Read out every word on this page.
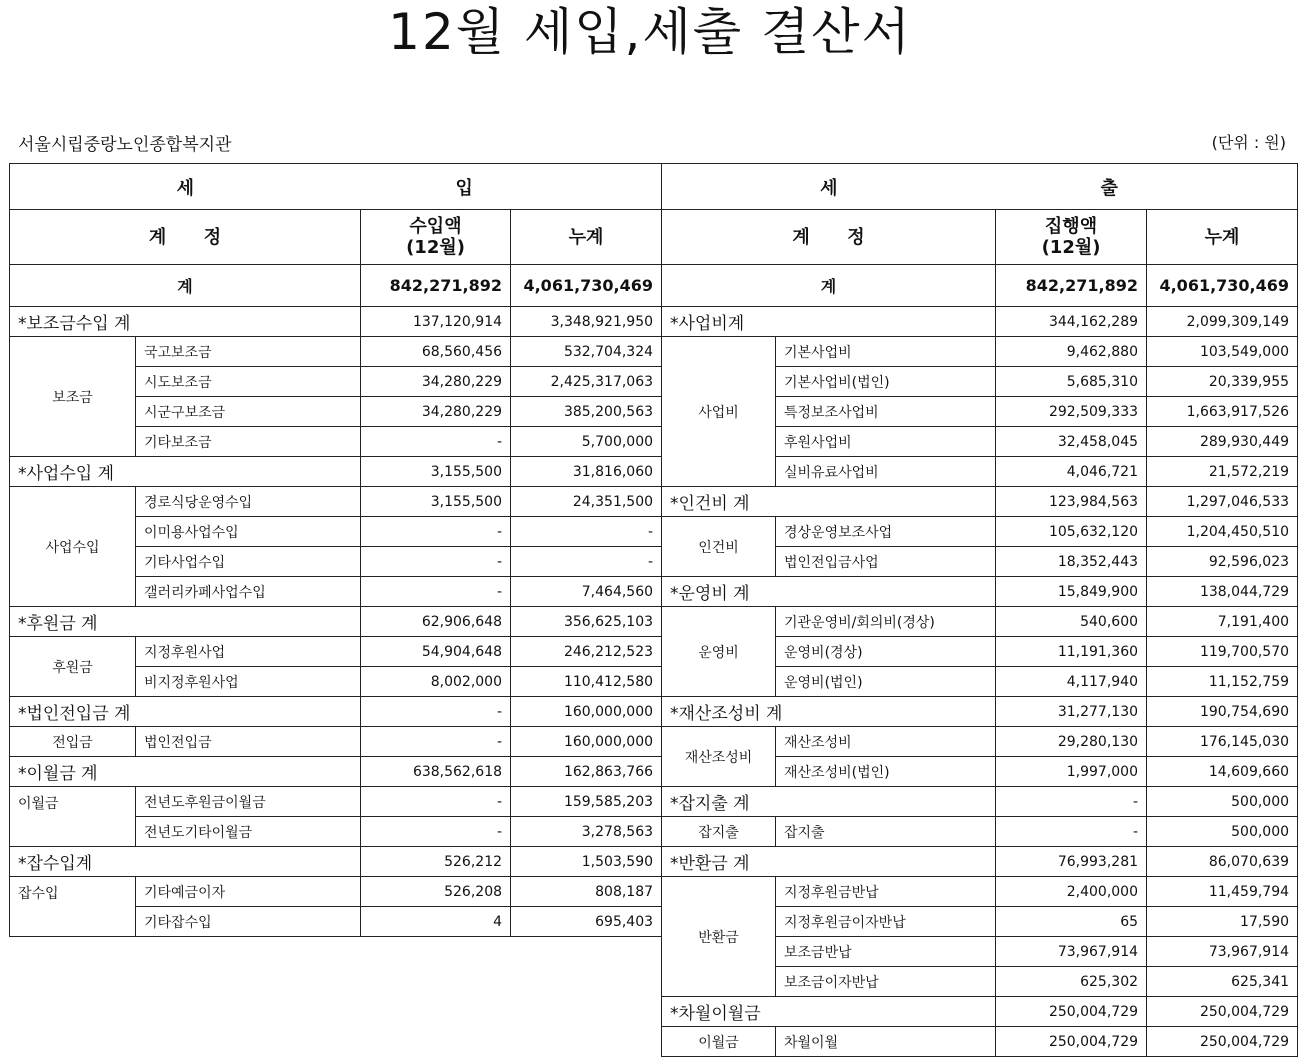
12월 세입,세출 결산서
서울시립중랑노인종합복지관	(단위 : 원)
세		입	
계      정		수입액
(12월)	누계
계		842,271,892	4,061,730,469
*보조금수입 계		137,120,914	3,348,921,950
보조금	국고보조금	68,560,456	532,704,324
	시도보조금	34,280,229	2,425,317,063
	시군구보조금	34,280,229	385,200,563
	기타보조금	-	5,700,000
*사업수입 계		3,155,500	31,816,060
사업수입	경로식당운영수입	3,155,500	24,351,500
	이미용사업수입	-	-
	기타사업수입	-	-
	갤러리카페사업수입	-	7,464,560
*후원금 계		62,906,648	356,625,103
후원금	지정후원사업	54,904,648	246,212,523
	비지정후원사업	8,002,000	110,412,580
*법인전입금 계		-	160,000,000
전입금	법인전입금	-	160,000,000
*이월금 계		638,562,618	162,863,766
이월금	전년도후원금이월금	-	159,585,203
	전년도기타이월금	-	3,278,563
*잡수입계		526,212	1,503,590
잡수입	기타예금이자	526,208	808,187
	기타잡수입	4	695,403
세		출	
계      정		집행액
(12월)	누계
계		842,271,892	4,061,730,469
*사업비계		344,162,289	2,099,309,149
사업비	기본사업비	9,462,880	103,549,000
	기본사업비(법인)	5,685,310	20,339,955
	특정보조사업비	292,509,333	1,663,917,526
	후원사업비	32,458,045	289,930,449
	실비유료사업비	4,046,721	21,572,219
*인건비 계		123,984,563	1,297,046,533
인건비	경상운영보조사업	105,632,120	1,204,450,510
	법인전입금사업	18,352,443	92,596,023
*운영비 계		15,849,900	138,044,729
운영비	기관운영비/회의비(경상)	540,600	7,191,400
	운영비(경상)	11,191,360	119,700,570
	운영비(법인)	4,117,940	11,152,759
*재산조성비 계		31,277,130	190,754,690
재산조성비	재산조성비	29,280,130	176,145,030
	재산조성비(법인)	1,997,000	14,609,660
*잡지출 계		-	500,000
잡지출	잡지출	-	500,000
*반환금 계		76,993,281	86,070,639
반환금	지정후원금반납	2,400,000	11,459,794
	지정후원금이자반납	65	17,590
	보조금반납	73,967,914	73,967,914
	보조금이자반납	625,302	625,341
*차월이월금		250,004,729	250,004,729
이월금	차월이월	250,004,729	250,004,729
